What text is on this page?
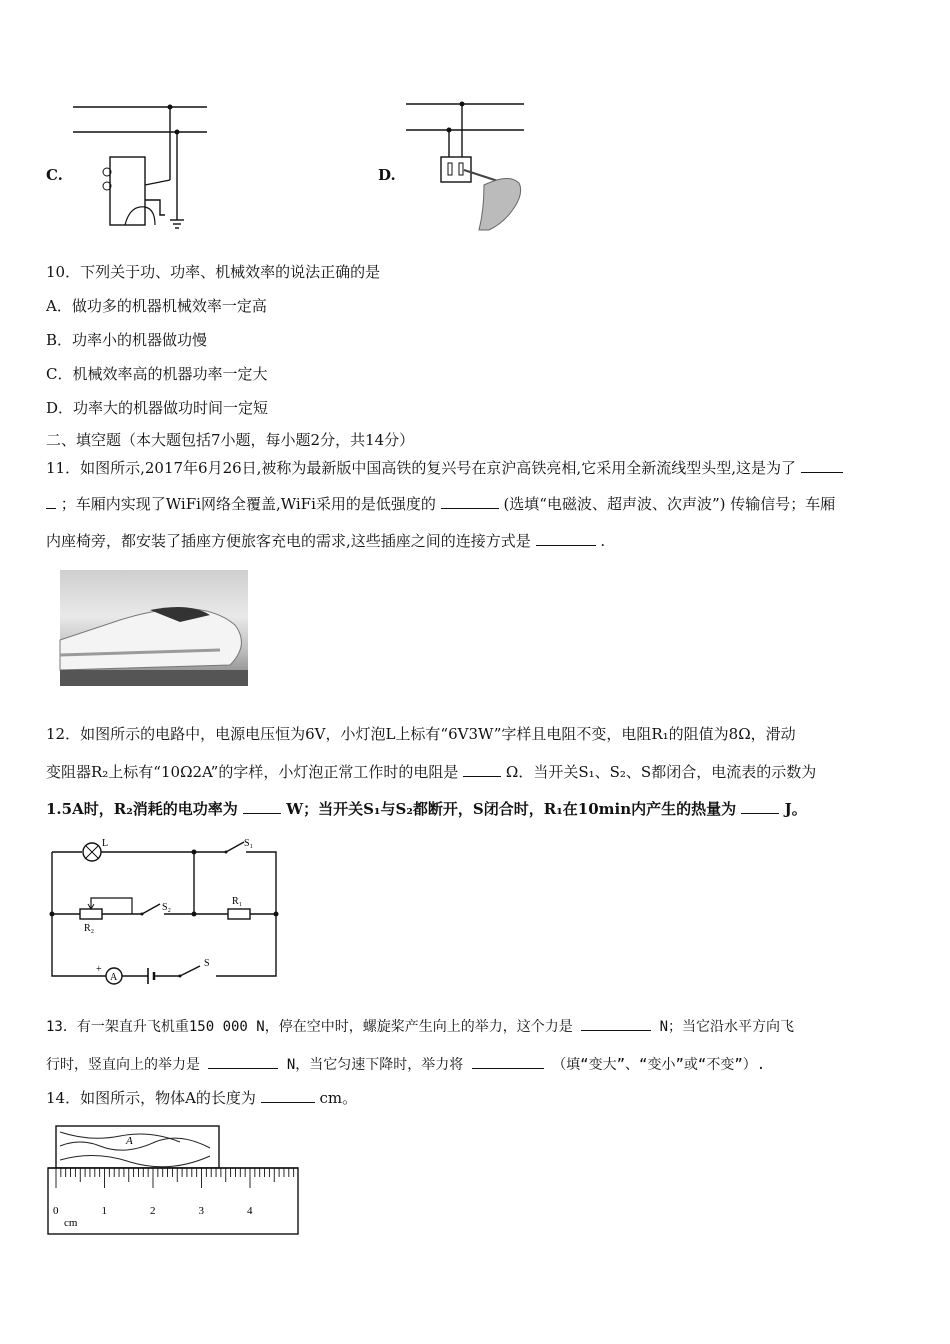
C.	D.
10．下列关于功、功率、机械效率的说法正确的是
A．做功多的机器机械效率一定高
B．功率小的机器做功慢
C．机械效率高的机器功率一定大
D．功率大的机器做功时间一定短
二、填空题（本大题包括7小题，每小题2分，共14分）
11．如图所示,2017年6月26日,被称为最新版中国高铁的复兴号在京沪高铁亮相,它采用全新流线型头型,这是为了
；车厢内实现了WiFi网络全覆盖,WiFi采用的是低强度的	(选填“电磁波、超声波、次声波”) 传输信号；车厢
内座椅旁，都安装了插座方便旅客充电的需求,这些插座之间的连接方式是	.
12．如图所示的电路中，电源电压恒为6V，小灯泡L上标有“6V3W”字样且电阻不变，电阻R₁的阻值为8Ω，滑动
变阻器R₂上标有“10Ω2A”的字样，小灯泡正常工作时的电阻是	Ω．当开关S₁、S₂、S都闭合，电流表的示数为
1.5A时，R₂消耗的电功率为	W；当开关S₁与S₂都断开，S闭合时，R₁在10min内产生的热量为	J。
L	S₁
R₂
S₂
R₁
+
A
S
13．有一架直升飞机重150 000 N，停在空中时，螺旋桨产生向上的举力，这个力是	N；当它沿水平方向飞
行时，竖直向上的举力是	N，当它匀速下降时，举力将	（填“变大”、“变小”或“不变”）.
14．如图所示，物体A的长度为	cm。
A
0	1	2	3	4
cm
